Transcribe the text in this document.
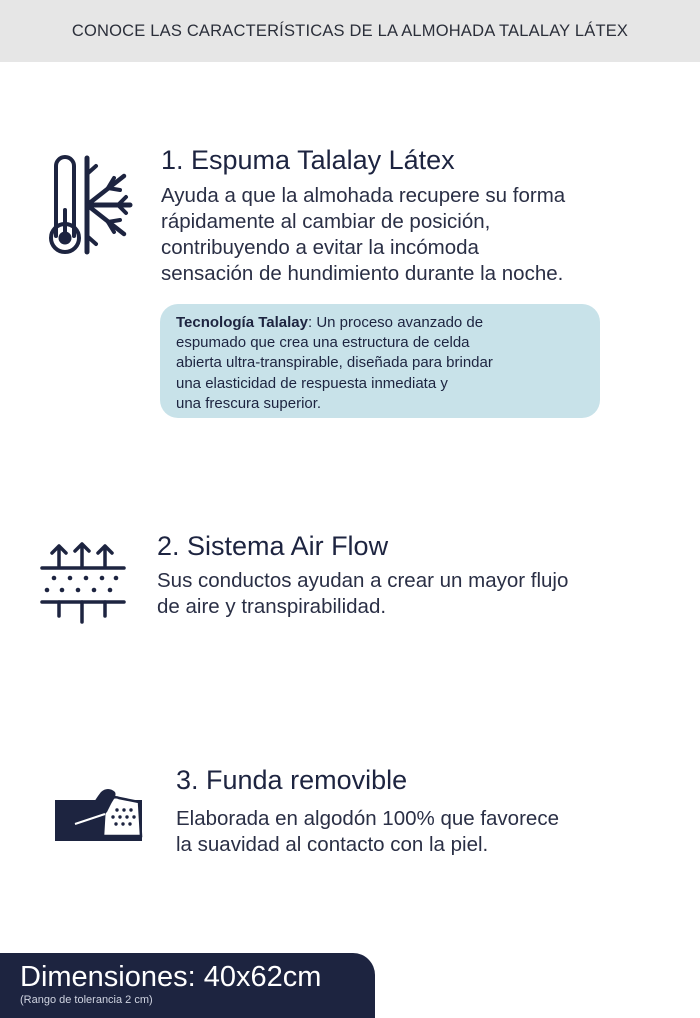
CONOCE LAS CARACTERÍSTICAS DE LA ALMOHADA TALALAY LÁTEX
1. Espuma Talalay Látex
Ayuda a que la almohada recupere su forma
rápidamente al cambiar de posición,
contribuyendo a evitar la incómoda
sensación de hundimiento durante la noche.
Tecnología Talalay: Un proceso avanzado de
espumado que crea una estructura de celda
abierta ultra-transpirable, diseñada para brindar
una elasticidad de respuesta inmediata y
una frescura superior.
2. Sistema Air Flow
Sus conductos ayudan a crear un mayor flujo
de aire y transpirabilidad.
3. Funda removible
Elaborada en algodón 100% que favorece
la suavidad al contacto con la piel.
Dimensiones: 40x62cm
(Rango de tolerancia 2 cm)
